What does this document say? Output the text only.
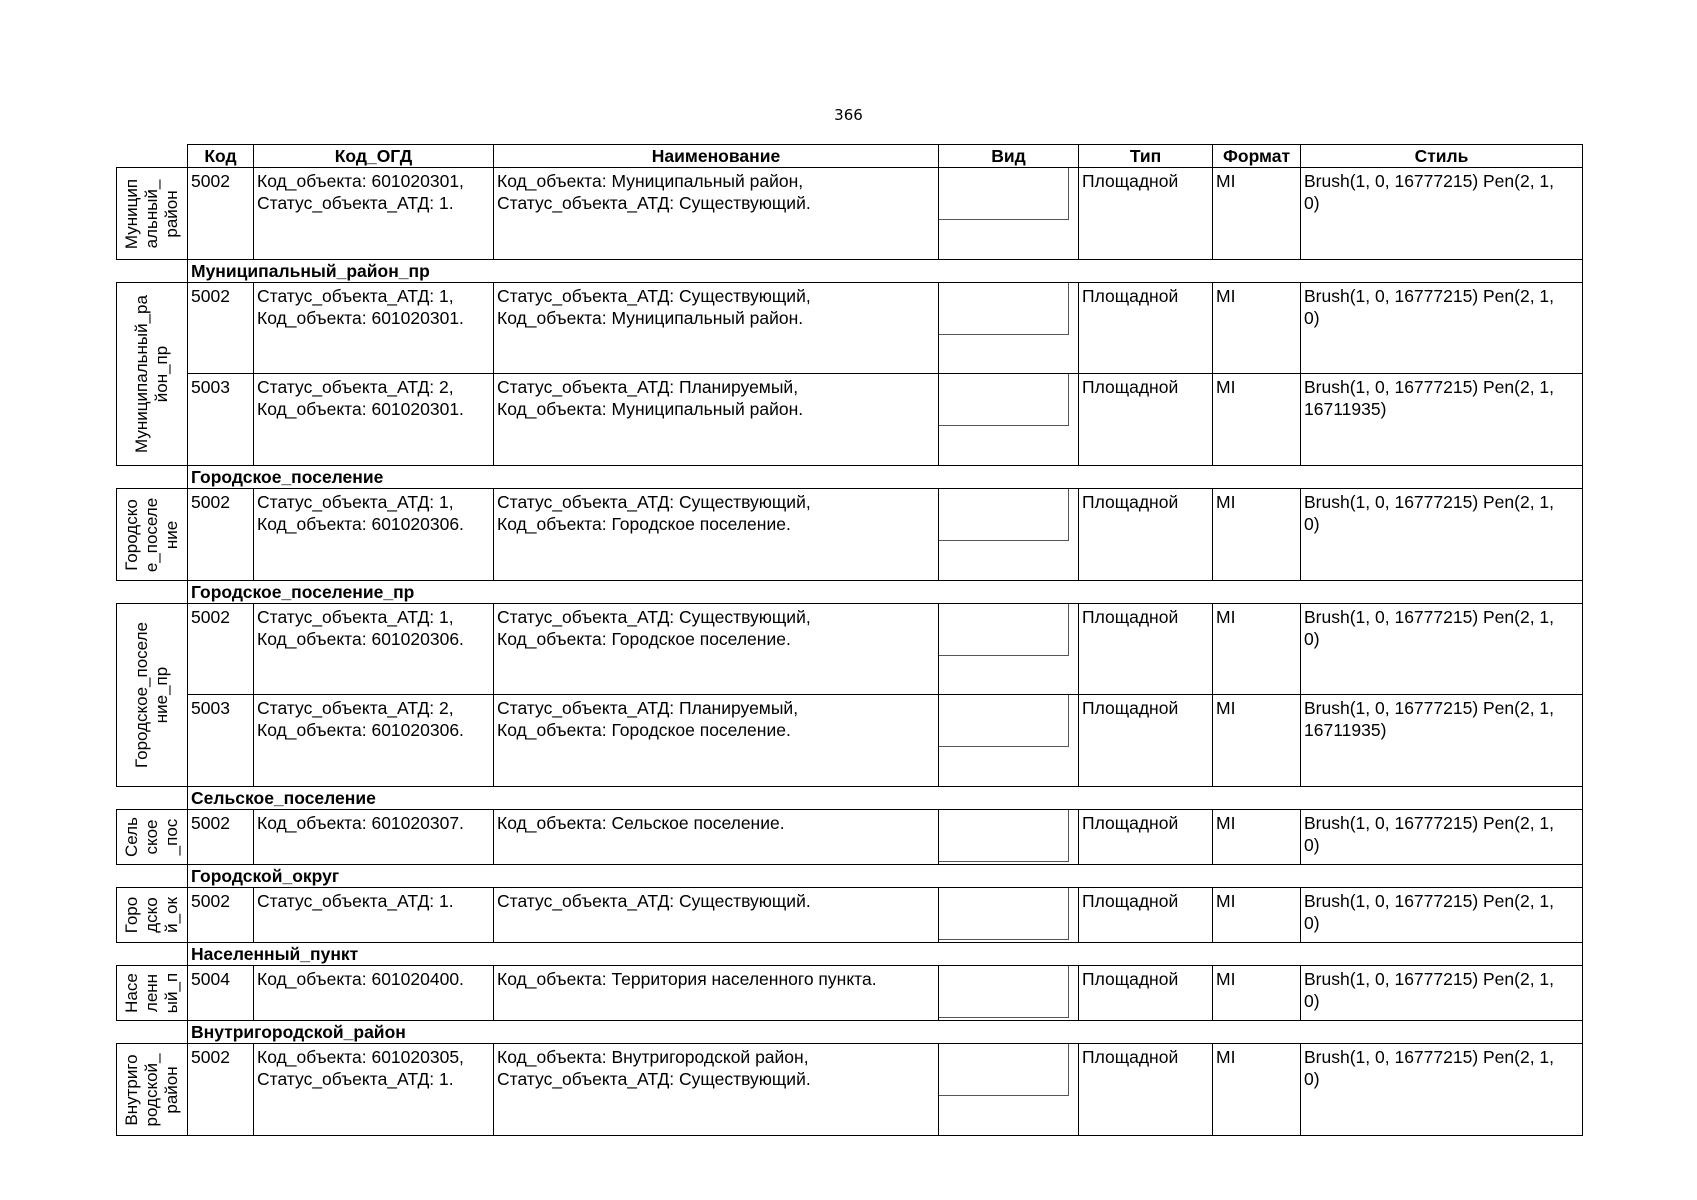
366
	Код	Код_ОГД	Наименование	Вид	Тип	Формат	Стиль

Муницип
альный_
район	5002	Код_объекта: 601020301,
Статус_объекта_АТД: 1.	Код_объекта: Муниципальный район,
Статус_объекта_АТД: Существующий.		Площадной	MI	Brush(1, 0, 16777215) Pen(2, 1,
0)
	Муниципальный_район_пр						

Муниципальный_ра
йон_пр	5002	Статус_объекта_АТД: 1,
Код_объекта: 601020301.	Статус_объекта_АТД: Существующий,
Код_объекта: Муниципальный район.		Площадной	MI	Brush(1, 0, 16777215) Pen(2, 1,
0)
	5003	Статус_объекта_АТД: 2,
Код_объекта: 601020301.	Статус_объекта_АТД: Планируемый,
Код_объекта: Муниципальный район.		Площадной	MI	Brush(1, 0, 16777215) Pen(2, 1,
16711935)
	Городское_поселение						

Городско
e_поселе
ние	5002	Статус_объекта_АТД: 1,
Код_объекта: 601020306.	Статус_объекта_АТД: Существующий,
Код_объекта: Городское поселение.		Площадной	MI	Brush(1, 0, 16777215) Pen(2, 1,
0)
	Городское_поселение_пр						

Городское_поселе
ние_пр	5002	Статус_объекта_АТД: 1,
Код_объекта: 601020306.	Статус_объекта_АТД: Существующий,
Код_объекта: Городское поселение.		Площадной	MI	Brush(1, 0, 16777215) Pen(2, 1,
0)
	5003	Статус_объекта_АТД: 2,
Код_объекта: 601020306.	Статус_объекта_АТД: Планируемый,
Код_объекта: Городское поселение.		Площадной	MI	Brush(1, 0, 16777215) Pen(2, 1,
16711935)
	Сельское_поселение						

Сель
ское
_пос	5002	Код_объекта: 601020307.	Код_объекта: Сельское поселение.		Площадной	MI	Brush(1, 0, 16777215) Pen(2, 1,
0)
	Городской_округ						

Горо
дско
й_ок	5002	Статус_объекта_АТД: 1.	Статус_объекта_АТД: Существующий.		Площадной	MI	Brush(1, 0, 16777215) Pen(2, 1,
0)
	Населенный_пункт						

Насе
ленн
ый_п	5004	Код_объекта: 601020400.	Код_объекта: Территория населенного пункта.		Площадной	MI	Brush(1, 0, 16777215) Pen(2, 1,
0)
	Внутригородской_район						

Внутриго
родской_
район	5002	Код_объекта: 601020305,
Статус_объекта_АТД: 1.	Код_объекта: Внутригородской район,
Статус_объекта_АТД: Существующий.		Площадной	MI	Brush(1, 0, 16777215) Pen(2, 1,
0)
